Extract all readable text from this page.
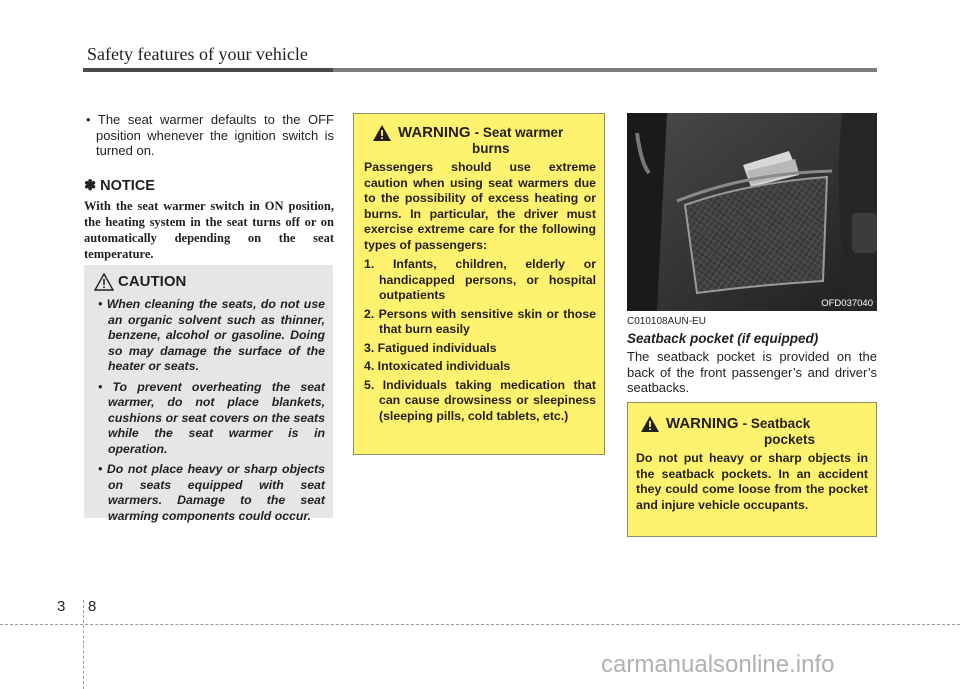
Safety features of your vehicle

• The seat warmer defaults to the OFF position whenever the ignition switch is turned on.

✽ NOTICE

With the seat warmer switch in ON position, the heating system in the seat turns off or on automatically depending on the seat temperature.

CAUTION

• When cleaning the seats, do not use an organic solvent such as thinner, benzene, alcohol or gasoline. Doing so may damage the surface of the heater or seats.

• To prevent overheating the seat warmer, do not place blankets, cushions or seat covers on the seats while the seat warmer is in operation.

• Do not place heavy or sharp objects on seats equipped with seat warmers. Damage to the seat warming components could occur.

WARNING - Seat warmer
burns

Passengers should use extreme caution when using seat warmers due to the possibility of excess heating or burns. In particular, the driver must exercise extreme care for the following types of passengers:

1. Infants, children, elderly or handicapped persons, or hospital outpatients

2. Persons with sensitive skin or those that burn easily

3. Fatigued individuals

4. Intoxicated individuals

5. Individuals taking medication that can cause drowsiness or sleepiness (sleeping pills, cold tablets, etc.)

OFD037040
C010108AUN-EU
Seatback pocket (if equipped)

The seatback pocket is provided on the back of the front passenger’s and driver’s seatbacks.

WARNING - Seatback
pockets

Do not put heavy or sharp objects in the seatback pockets. In an accident they could come loose from the pocket and injure vehicle occupants.

3 8
carmanualsonline.info
